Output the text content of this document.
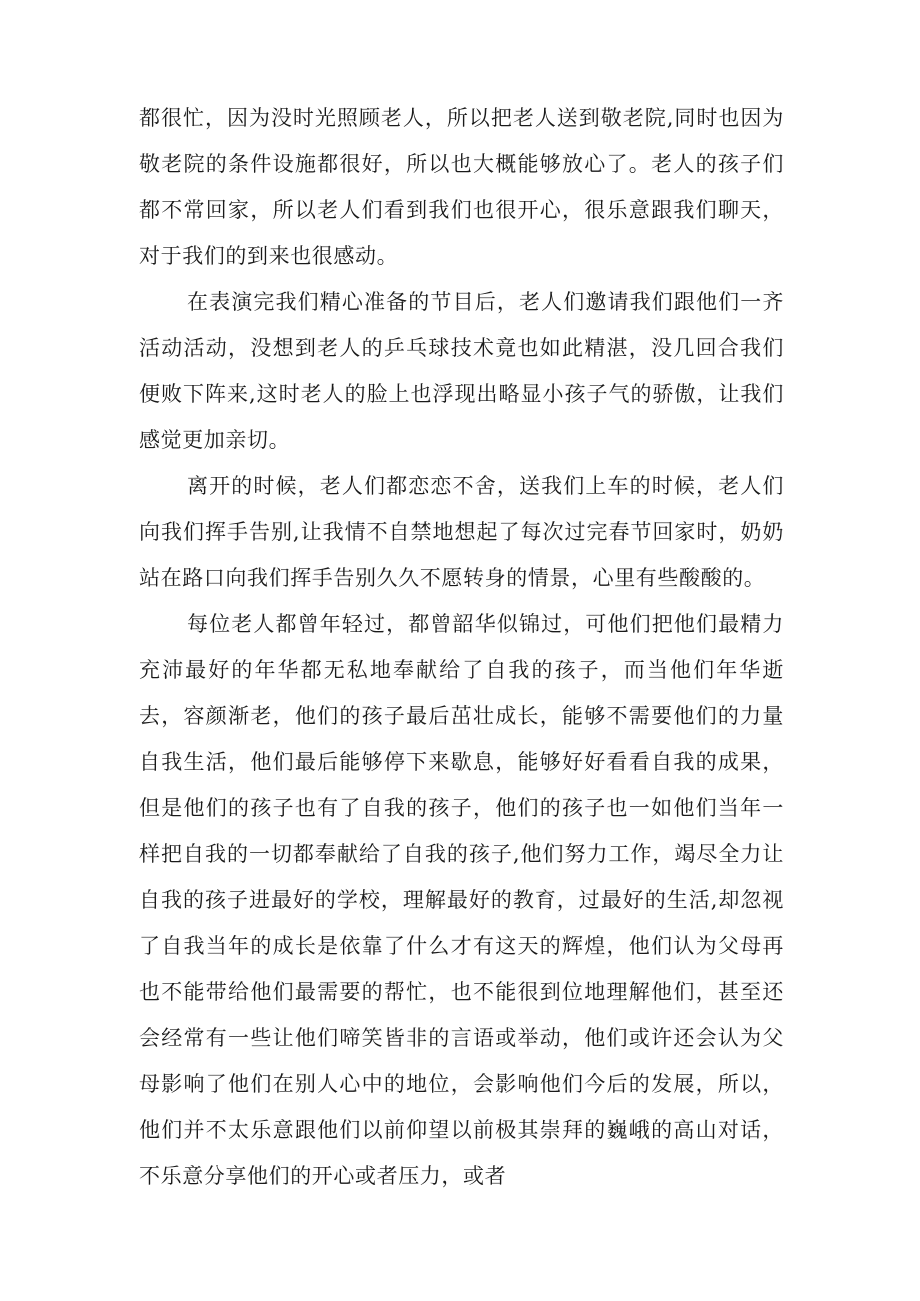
都很忙，因为没时光照顾老人，所以把老人送到敬老院,同时也因为敬老院的条件设施都很好，所以也大概能够放心了。老人的孩子们都不常回家，所以老人们看到我们也很开心，很乐意跟我们聊天，对于我们的到来也很感动。

在表演完我们精心准备的节目后，老人们邀请我们跟他们一齐活动活动，没想到老人的乒乓球技术竟也如此精湛，没几回合我们便败下阵来,这时老人的脸上也浮现出略显小孩子气的骄傲，让我们感觉更加亲切。

离开的时候，老人们都恋恋不舍，送我们上车的时候，老人们向我们挥手告别,让我情不自禁地想起了每次过完春节回家时，奶奶站在路口向我们挥手告别久久不愿转身的情景，心里有些酸酸的。

每位老人都曾年轻过，都曾韶华似锦过，可他们把他们最精力充沛最好的年华都无私地奉献给了自我的孩子，而当他们年华逝去，容颜渐老，他们的孩子最后茁壮成长，能够不需要他们的力量自我生活，他们最后能够停下来歇息，能够好好看看自我的成果，但是他们的孩子也有了自我的孩子，他们的孩子也一如他们当年一样把自我的一切都奉献给了自我的孩子,他们努力工作，竭尽全力让自我的孩子进最好的学校，理解最好的教育，过最好的生活,却忽视了自我当年的成长是依靠了什么才有这天的辉煌，他们认为父母再也不能带给他们最需要的帮忙，也不能很到位地理解他们，甚至还会经常有一些让他们啼笑皆非的言语或举动，他们或许还会认为父母影响了他们在别人心中的地位，会影响他们今后的发展，所以，他们并不太乐意跟他们以前仰望以前极其崇拜的巍峨的高山对话，不乐意分享他们的开心或者压力，或者
